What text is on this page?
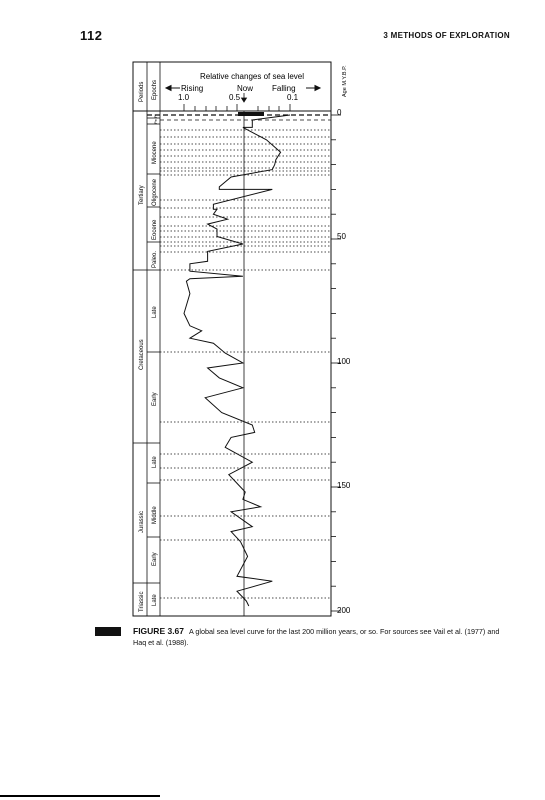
112	3 METHODS OF EXPLORATION
Periods Epochs
Relative changes of sea level
Rising	Now Falling
1.0	0.5	0.1
Age M.Y.B.P.
0
50
100
150
200
Tertiary
Cretaceous
Jurassic
Triassic
Pl
Pe
Miocene
Oligocene
Eocene
Paleo.
Late
Early
Late
Middle
Early
Late
FIGURE 3.67 A global sea level curve for the last 200 million years, or so. For sources see Vail et al. (1977) and Haq et al. (1988).
